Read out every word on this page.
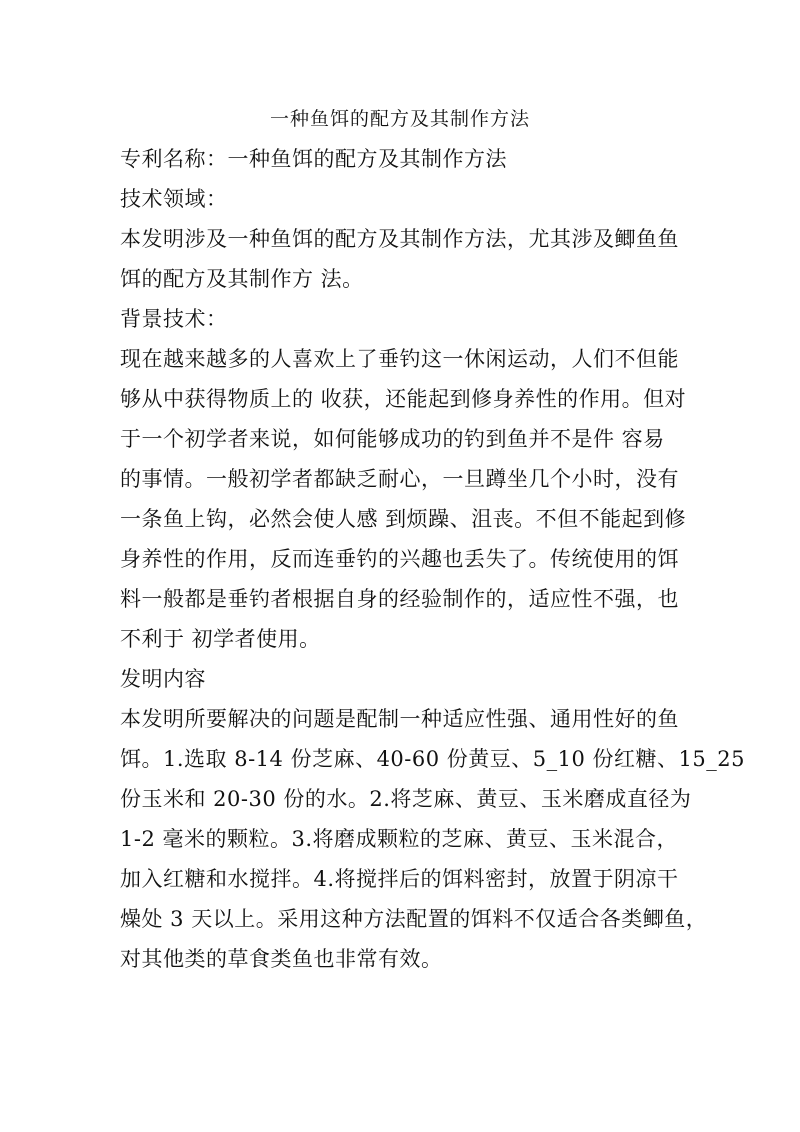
一种鱼饵的配方及其制作方法
专利名称：一种鱼饵的配方及其制作方法
技术领域：
本发明涉及一种鱼饵的配方及其制作方法，尤其涉及鲫鱼鱼
饵的配方及其制作方 法。
背景技术：
现在越来越多的人喜欢上了垂钓这一休闲运动，人们不但能
够从中获得物质上的 收获，还能起到修身养性的作用。但对
于一个初学者来说，如何能够成功的钓到鱼并不是件 容易
的事情。一般初学者都缺乏耐心，一旦蹲坐几个小时，没有
一条鱼上钩，必然会使人感 到烦躁、沮丧。不但不能起到修
身养性的作用，反而连垂钓的兴趣也丢失了。传统使用的饵
料一般都是垂钓者根据自身的经验制作的，适应性不强，也
不利于 初学者使用。
发明内容
本发明所要解决的问题是配制一种适应性强、通用性好的鱼
饵。1.选取 8-14 份芝麻、40-60 份黄豆、5_10 份红糖、15_25
份玉米和 20-30 份的水。2.将芝麻、黄豆、玉米磨成直径为
1-2 毫米的颗粒。3.将磨成颗粒的芝麻、黄豆、玉米混合，
加入红糖和水搅拌。4.将搅拌后的饵料密封，放置于阴凉干
燥处 3 天以上。采用这种方法配置的饵料不仅适合各类鲫鱼，
对其他类的草食类鱼也非常有效。
